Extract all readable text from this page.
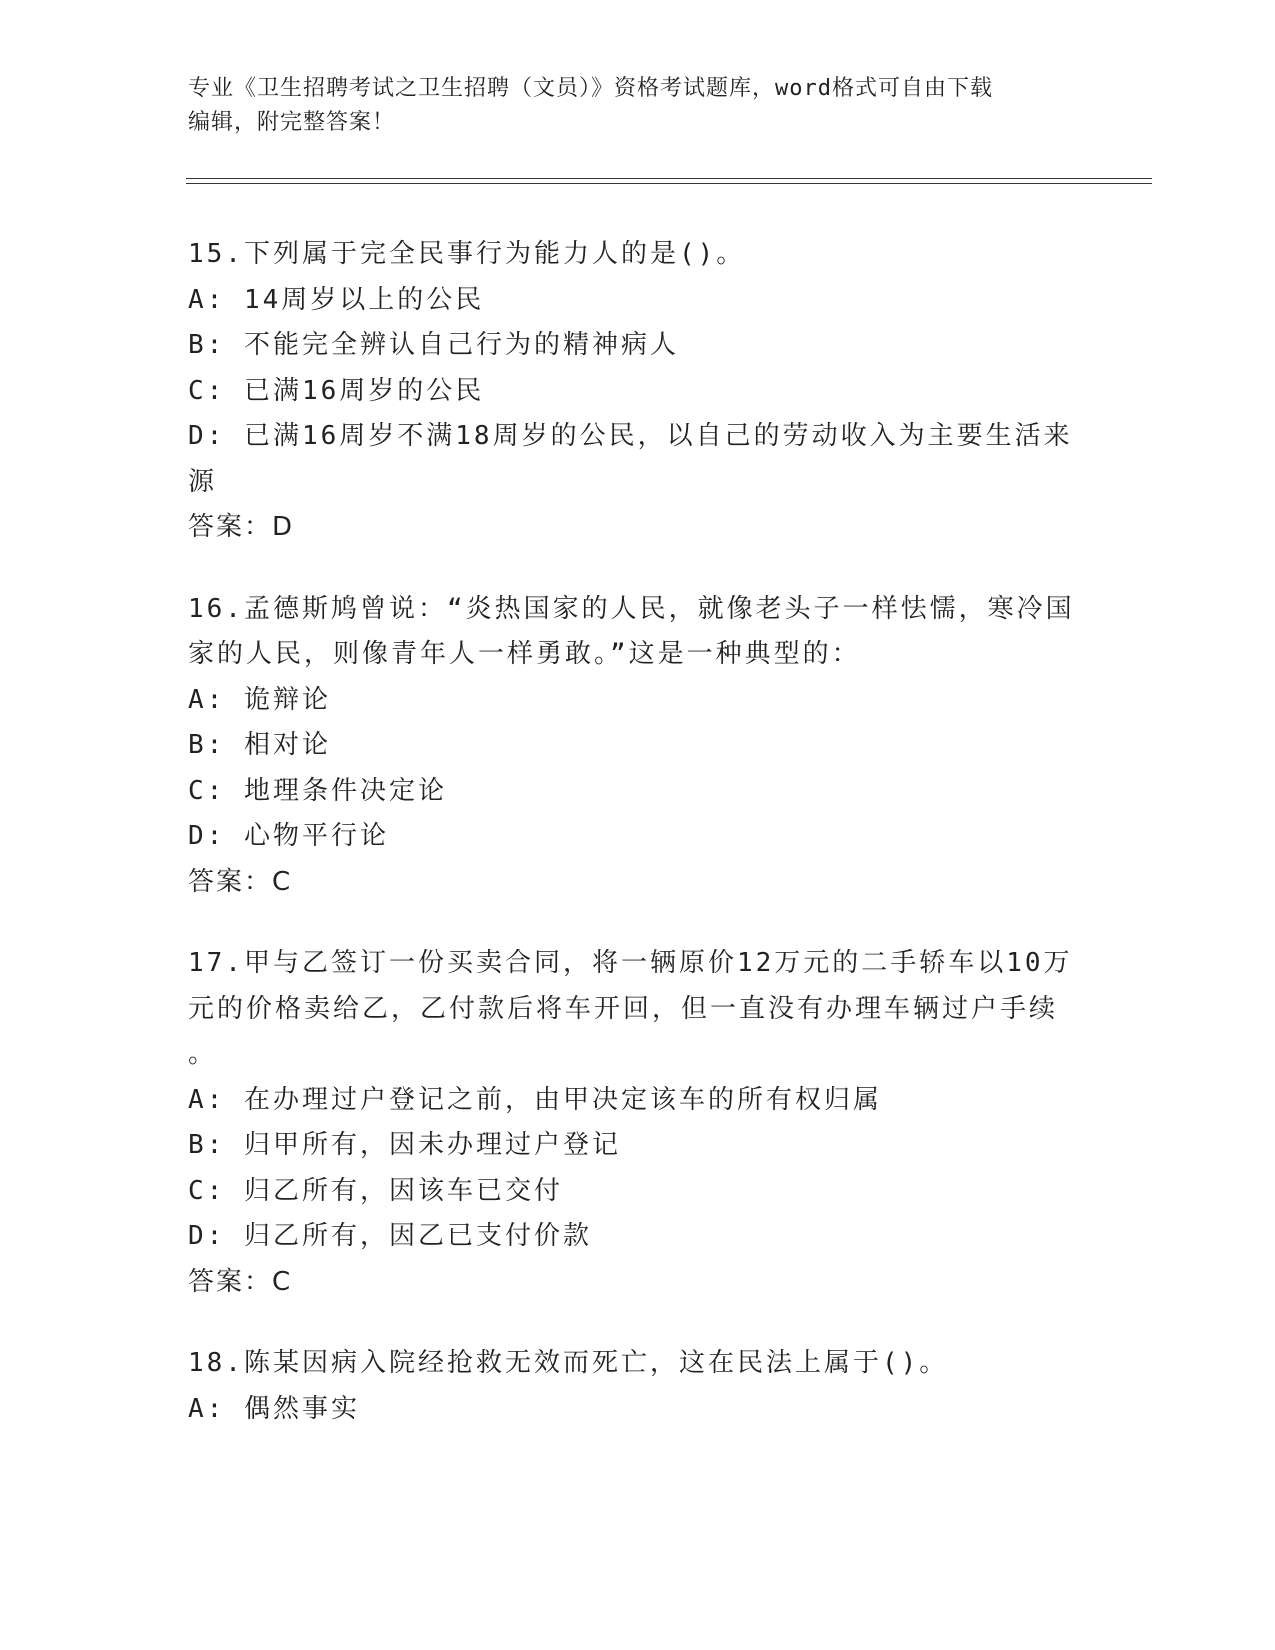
专业《卫生招聘考试之卫生招聘（文员）》资格考试题库，word格式可自由下载
编辑，附完整答案！
15.下列属于完全民事行为能力人的是()。
A: 14周岁以上的公民
B: 不能完全辨认自己行为的精神病人
C: 已满16周岁的公民
D: 已满16周岁不满18周岁的公民，以自己的劳动收入为主要生活来
源
答案：D
16.孟德斯鸠曾说：“炎热国家的人民，就像老头子一样怯懦，寒冷国
家的人民，则像青年人一样勇敢。”这是一种典型的：
A: 诡辩论
B: 相对论
C: 地理条件决定论
D: 心物平行论
答案：C
17.甲与乙签订一份买卖合同，将一辆原价12万元的二手轿车以10万
元的价格卖给乙，乙付款后将车开回，但一直没有办理车辆过户手续
。
A: 在办理过户登记之前，由甲决定该车的所有权归属
B: 归甲所有，因未办理过户登记
C: 归乙所有，因该车已交付
D: 归乙所有，因乙已支付价款
答案：C
18.陈某因病入院经抢救无效而死亡，这在民法上属于()。
A: 偶然事实
